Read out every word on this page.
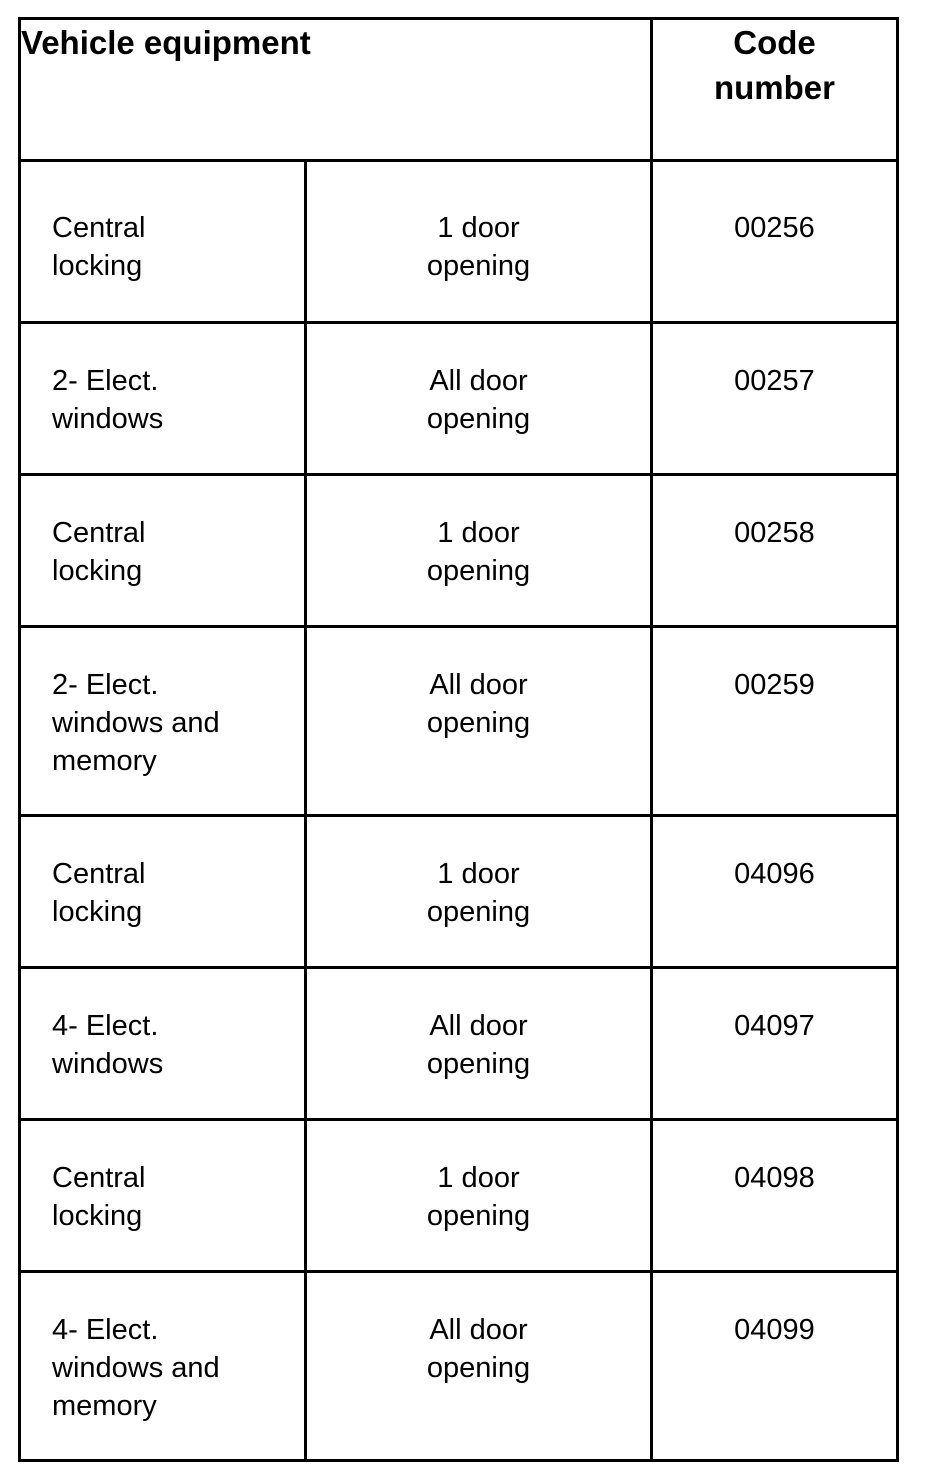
Vehicle equipment		Code
number

Central
locking	1 door
opening	00256

2- Elect.
windows	All door
opening	00257

Central
locking	1 door
opening	00258

2- Elect.
windows and
memory	All door
opening	00259

Central
locking	1 door
opening	04096

4- Elect.
windows	All door
opening	04097

Central
locking	1 door
opening	04098

4- Elect.
windows and
memory	All door
opening	04099
